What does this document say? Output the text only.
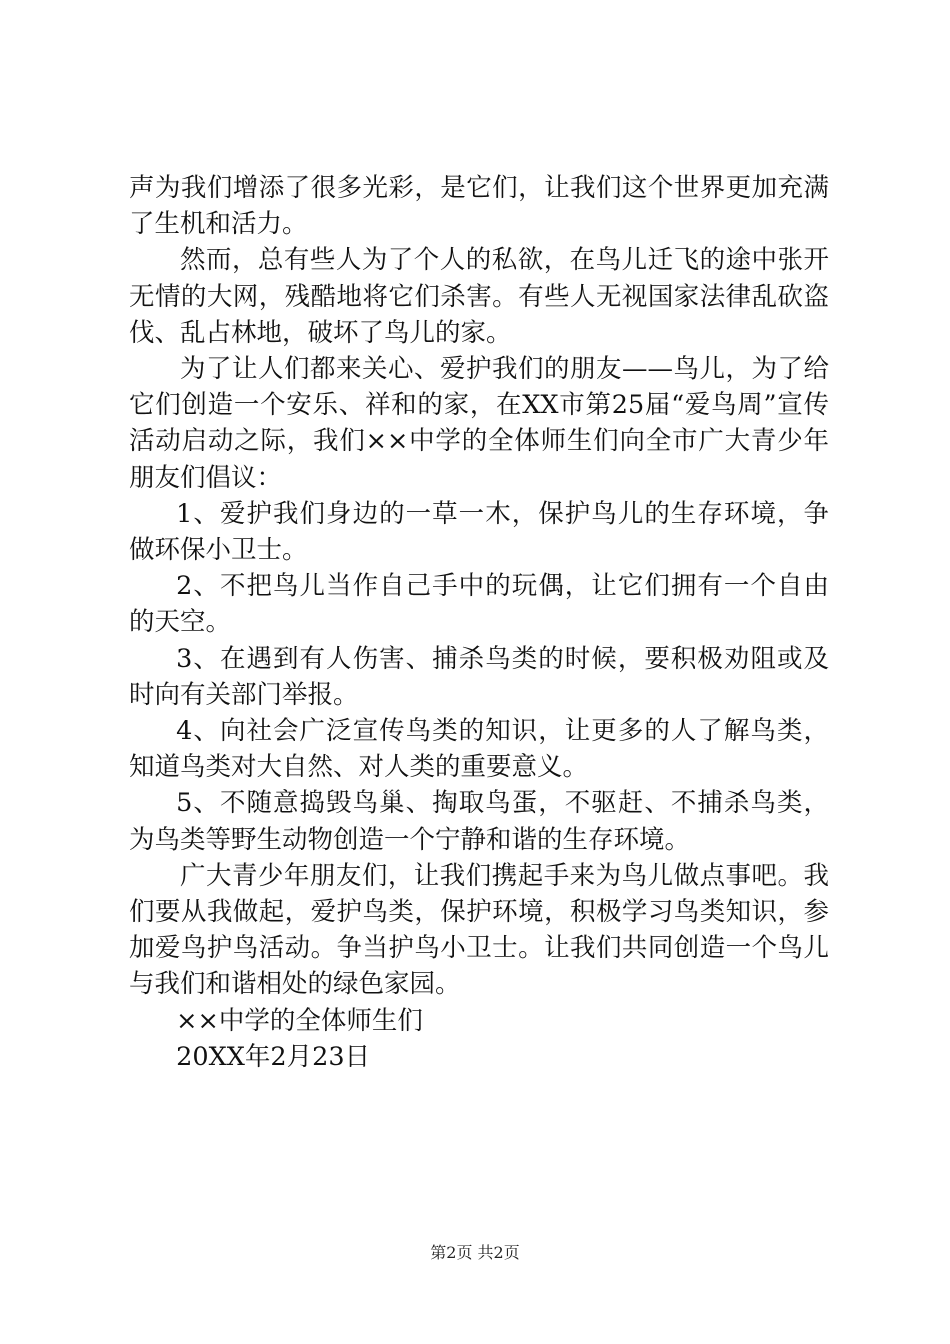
声为我们增添了很多光彩，是它们，让我们这个世界更加充满了生机和活力。

然而，总有些人为了个人的私欲，在鸟儿迁飞的途中张开无情的大网，残酷地将它们杀害。有些人无视国家法律乱砍盗伐、乱占林地，破坏了鸟儿的家。

为了让人们都来关心、爱护我们的朋友——鸟儿，为了给它们创造一个安乐、祥和的家，在XX市第25届“爱鸟周”宣传活动启动之际，我们××中学的全体师生们向全市广大青少年朋友们倡议：

1、爱护我们身边的一草一木，保护鸟儿的生存环境，争做环保小卫士。

2、不把鸟儿当作自己手中的玩偶，让它们拥有一个自由的天空。

3、在遇到有人伤害、捕杀鸟类的时候，要积极劝阻或及时向有关部门举报。

4、向社会广泛宣传鸟类的知识，让更多的人了解鸟类，知道鸟类对大自然、对人类的重要意义。

5、不随意捣毁鸟巢、掏取鸟蛋，不驱赶、不捕杀鸟类，为鸟类等野生动物创造一个宁静和谐的生存环境。

广大青少年朋友们，让我们携起手来为鸟儿做点事吧。我们要从我做起，爱护鸟类，保护环境，积极学习鸟类知识，参加爱鸟护鸟活动。争当护鸟小卫士。让我们共同创造一个鸟儿与我们和谐相处的绿色家园。

××中学的全体师生们

20XX年2月23日

第2页 共2页
